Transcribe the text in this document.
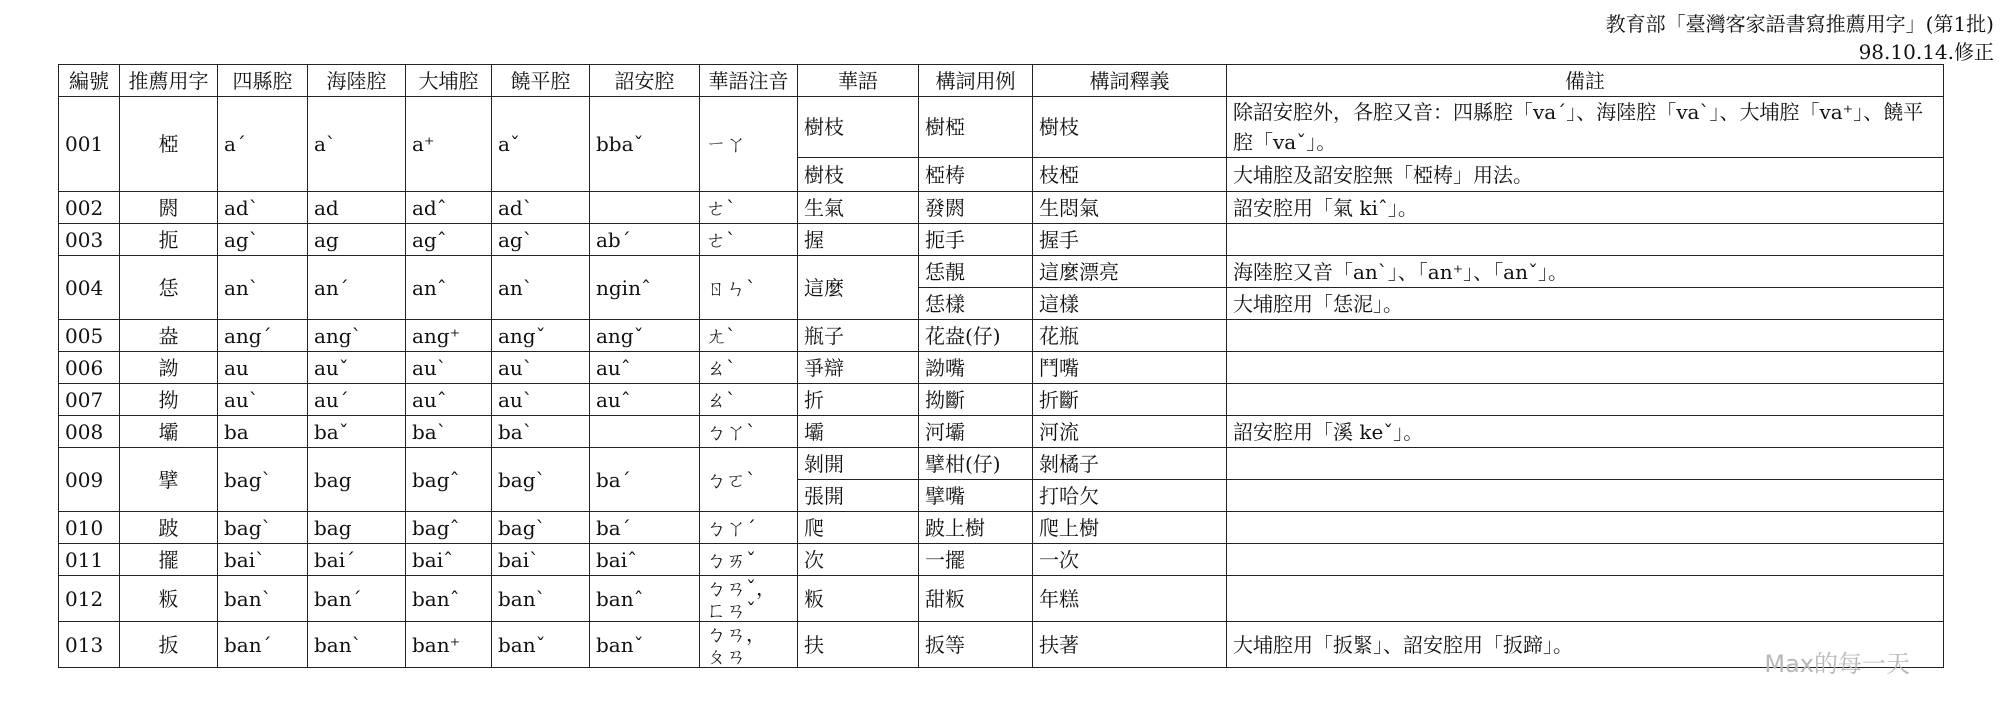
教育部「臺灣客家語書寫推薦用字」(第1批)
98.10.14.修正
編號	推薦用字	四縣腔	海陸腔	大埔腔	饒平腔	詔安腔	華語注音	華語	構詞用例	構詞釋義	備註
001	椏	a´	a`	a⁺	aˇ	bbaˇ	ㄧㄚ	樹枝	樹椏	樹枝	除詔安腔外，各腔又音：四縣腔「va´」、海陸腔「va`」、大埔腔「va⁺」、饒平腔「vaˇ」。
								樹枝	椏梼	枝椏	大埔腔及詔安腔無「椏梼」用法。
002	閼	ad`	ad	adˆ	ad`		ㄜˋ	生氣	發閼	生悶氣	詔安腔用「氣 kiˆ」。
003	扼	ag`	ag	agˆ	ag`	ab´	ㄜˋ	握	扼手	握手	
004	恁	an`	an´	anˆ	an`	nginˆ	ㄖㄣˋ	這麼	恁靚	這麼漂亮	海陸腔又音「an`」、「an⁺」、「anˇ」。
									恁樣	這樣	大埔腔用「恁泥」。
005	盎	ang´	ang`	ang⁺	angˇ	angˇ	ㄤˋ	瓶子	花盎(仔)	花瓶	
006	詏	au	auˇ	au`	au`	auˆ	ㄠˋ	爭辯	詏嘴	鬥嘴	
007	拗	au`	au´	auˆ	au`	auˆ	ㄠˋ	折	拗斷	折斷	
008	壩	ba	baˇ	ba`	ba`		ㄅㄚˋ	壩	河壩	河流	詔安腔用「溪 keˇ」。
009	擘	bag`	bag	bagˆ	bag`	ba´	ㄅㄛˋ	剝開	擘柑(仔)	剝橘子	
								張開	擘嘴	打哈欠	
010	跛	bag`	bag	bagˆ	bag`	ba´	ㄅㄚˊ	爬	跛上樹	爬上樹	
011	擺	bai`	bai´	baiˆ	bai`	baiˆ	ㄅㄞˇ	次	一擺	一次	
012	粄	ban`	ban´	banˆ	ban`	banˆ	ㄅㄢˇ，
ㄈㄢˇ	粄	甜粄	年糕	
013	扳	ban´	ban`	ban⁺	banˇ	banˇ	ㄅㄢ，
ㄆㄢ	扶	扳等	扶著	大埔腔用「扳緊」、詔安腔用「扳蹄」。
Max的每一天
